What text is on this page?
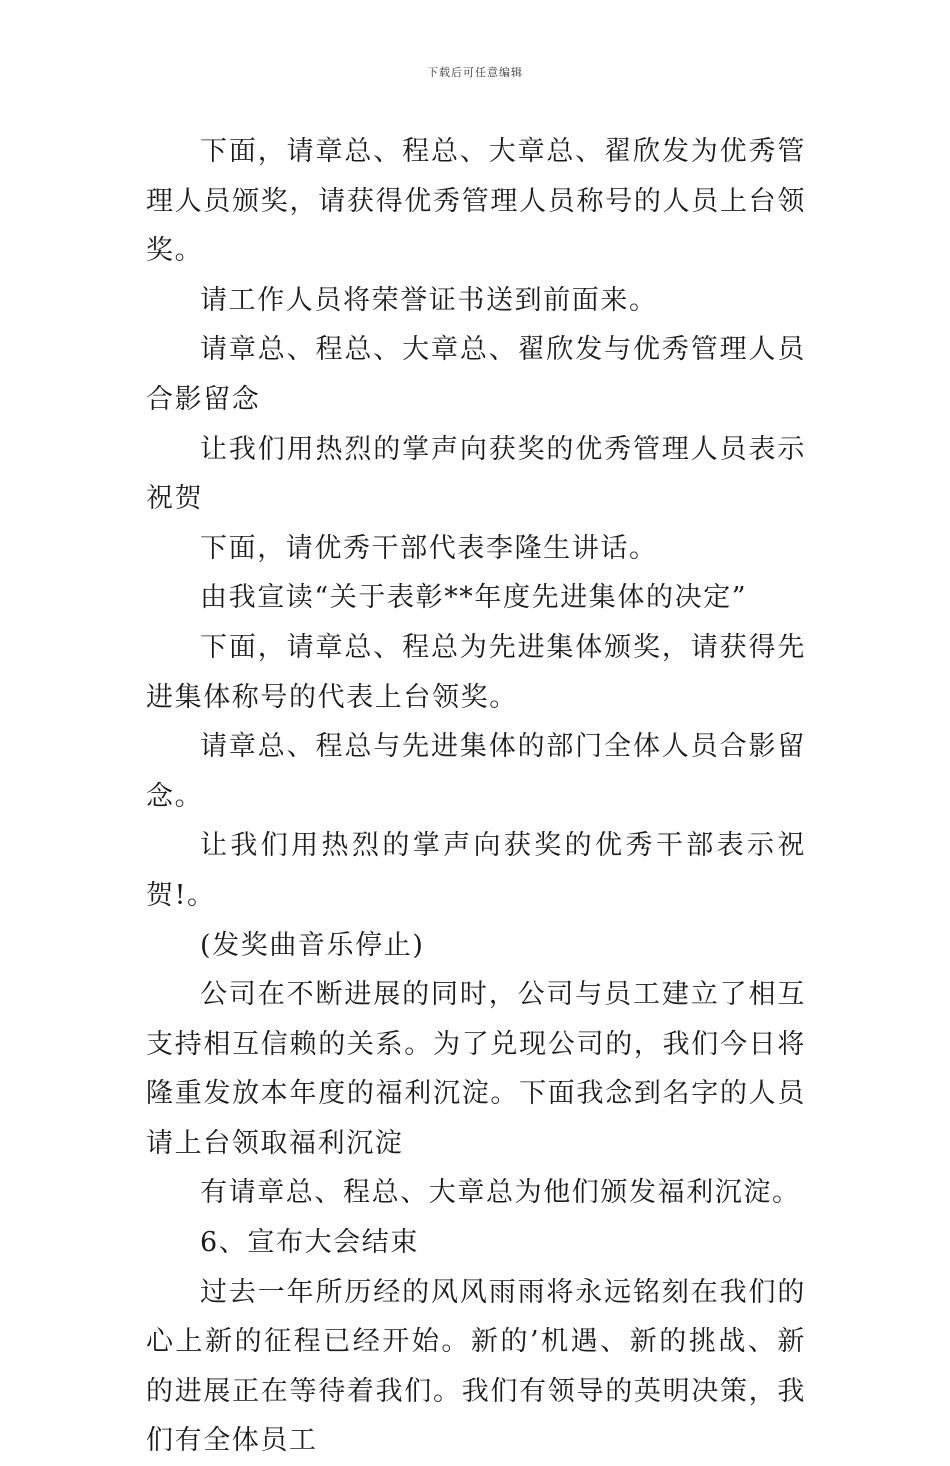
下载后可任意编辑

下面，请章总、程总、大章总、翟欣发为优秀管理人员颁奖，请获得优秀管理人员称号的人员上台领奖。

请工作人员将荣誉证书送到前面来。

请章总、程总、大章总、翟欣发与优秀管理人员合影留念

让我们用热烈的掌声向获奖的优秀管理人员表示祝贺

下面，请优秀干部代表李隆生讲话。

由我宣读“关于表彰**年度先进集体的决定”

下面，请章总、程总为先进集体颁奖，请获得先进集体称号的代表上台领奖。

请章总、程总与先进集体的部门全体人员合影留念。

让我们用热烈的掌声向获奖的优秀干部表示祝贺!。

(发奖曲音乐停止)

公司在不断进展的同时，公司与员工建立了相互支持相互信赖的关系。为了兑现公司的，我们今日将隆重发放本年度的福利沉淀。下面我念到名字的人员请上台领取福利沉淀

有请章总、程总、大章总为他们颁发福利沉淀。

6、宣布大会结束

过去一年所历经的风风雨雨将永远铭刻在我们的心上新的征程已经开始。新的’机遇、新的挑战、新的进展正在等待着我们。我们有领导的英明决策，我们有全体员工
